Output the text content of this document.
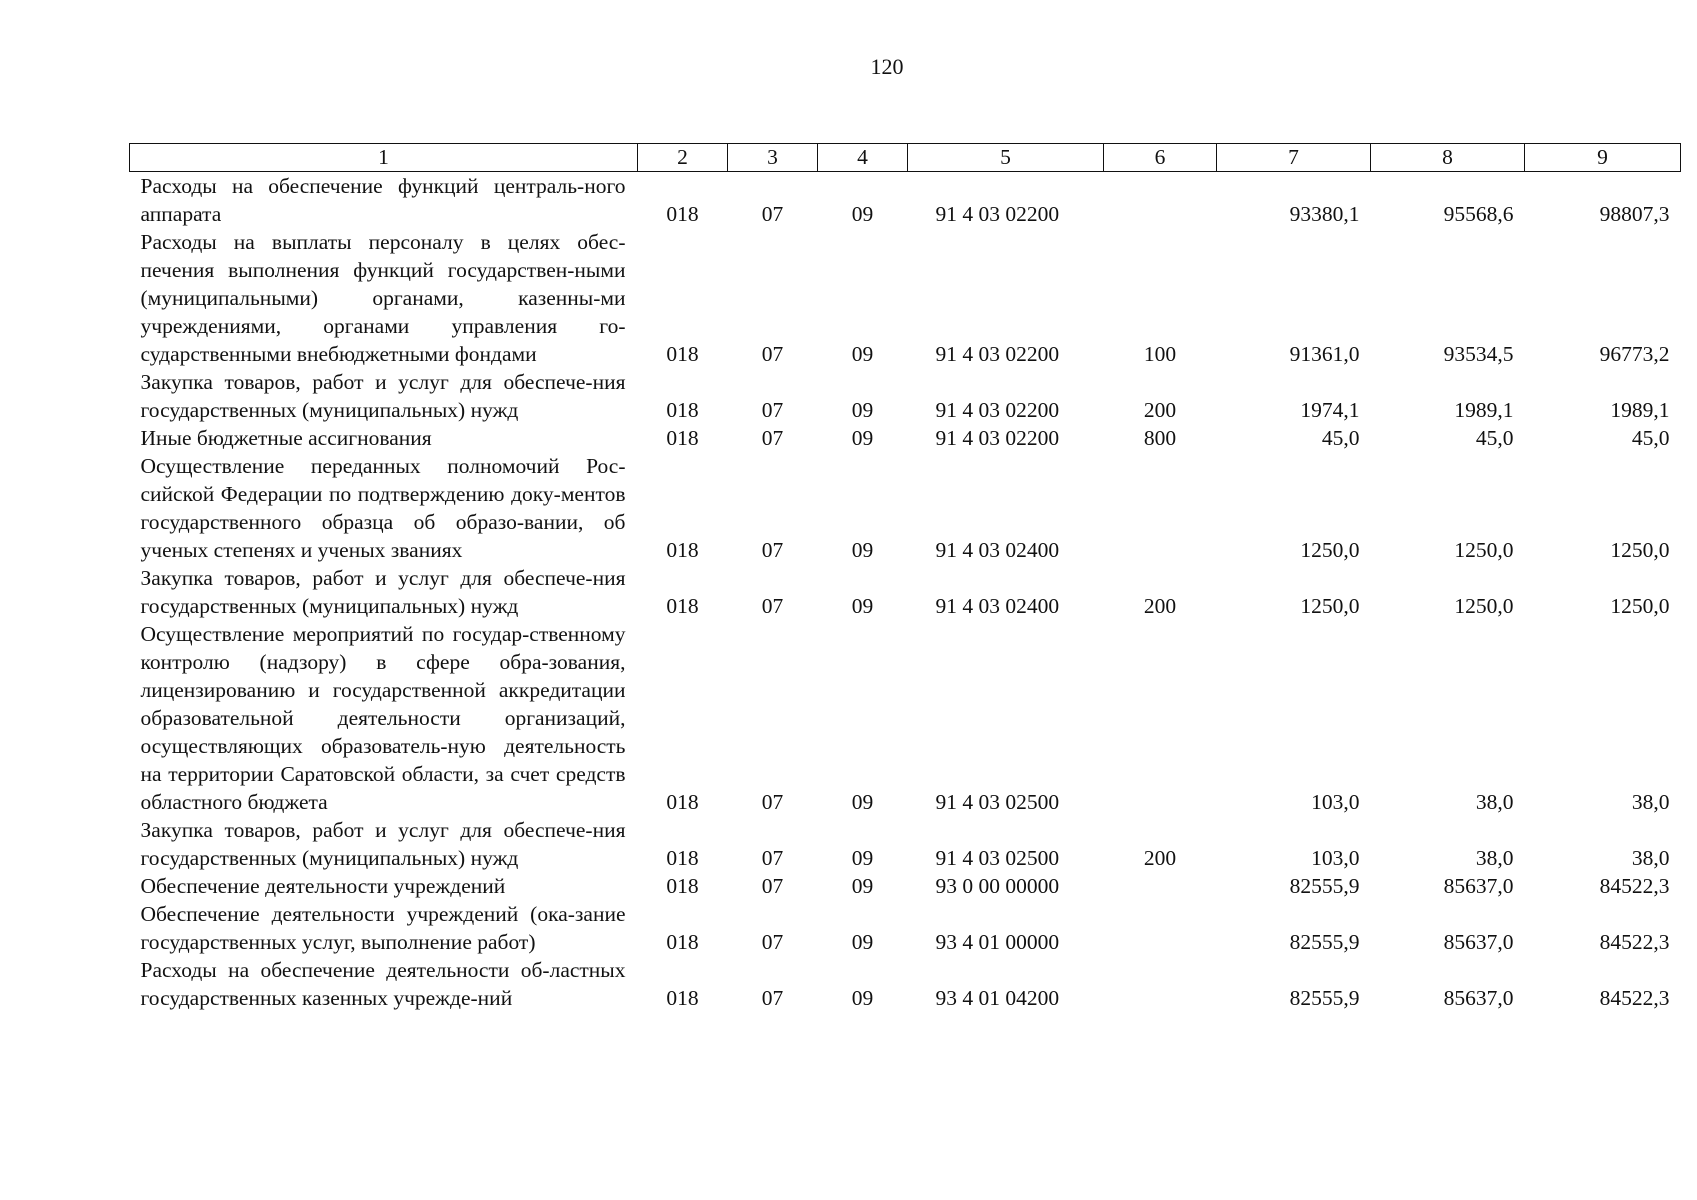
120
1	2	3	4	5	6	7	8	9
Расходы на обеспечение функций централь-ного аппарата	018	07	09	91 4 03 02200		93380,1	95568,6	98807,3
Расходы на выплаты персоналу в целях обес-печения выполнения функций государствен-ными (муниципальными) органами, казенны-ми учреждениями, органами управления го-сударственными внебюджетными фондами	018	07	09	91 4 03 02200	100	91361,0	93534,5	96773,2
Закупка товаров, работ и услуг для обеспече-ния государственных (муниципальных) нужд	018	07	09	91 4 03 02200	200	1974,1	1989,1	1989,1
Иные бюджетные ассигнования	018	07	09	91 4 03 02200	800	45,0	45,0	45,0
Осуществление переданных полномочий Рос-сийской Федерации по подтверждению доку-ментов государственного образца об образо-вании, об ученых степенях и ученых званиях	018	07	09	91 4 03 02400		1250,0	1250,0	1250,0
Закупка товаров, работ и услуг для обеспече-ния государственных (муниципальных) нужд	018	07	09	91 4 03 02400	200	1250,0	1250,0	1250,0
Осуществление мероприятий по государ-ственному контролю (надзору) в сфере обра-зования, лицензированию и государственной аккредитации образовательной деятельности организаций, осуществляющих образователь-ную деятельность на территории Саратовской области, за счет средств областного бюджета	018	07	09	91 4 03 02500		103,0	38,0	38,0
Закупка товаров, работ и услуг для обеспече-ния государственных (муниципальных) нужд	018	07	09	91 4 03 02500	200	103,0	38,0	38,0
Обеспечение деятельности учреждений	018	07	09	93 0 00 00000		82555,9	85637,0	84522,3
Обеспечение деятельности учреждений (ока-зание государственных услуг, выполнение работ)	018	07	09	93 4 01 00000		82555,9	85637,0	84522,3
Расходы на обеспечение деятельности об-ластных государственных казенных учрежде-ний	018	07	09	93 4 01 04200		82555,9	85637,0	84522,3
